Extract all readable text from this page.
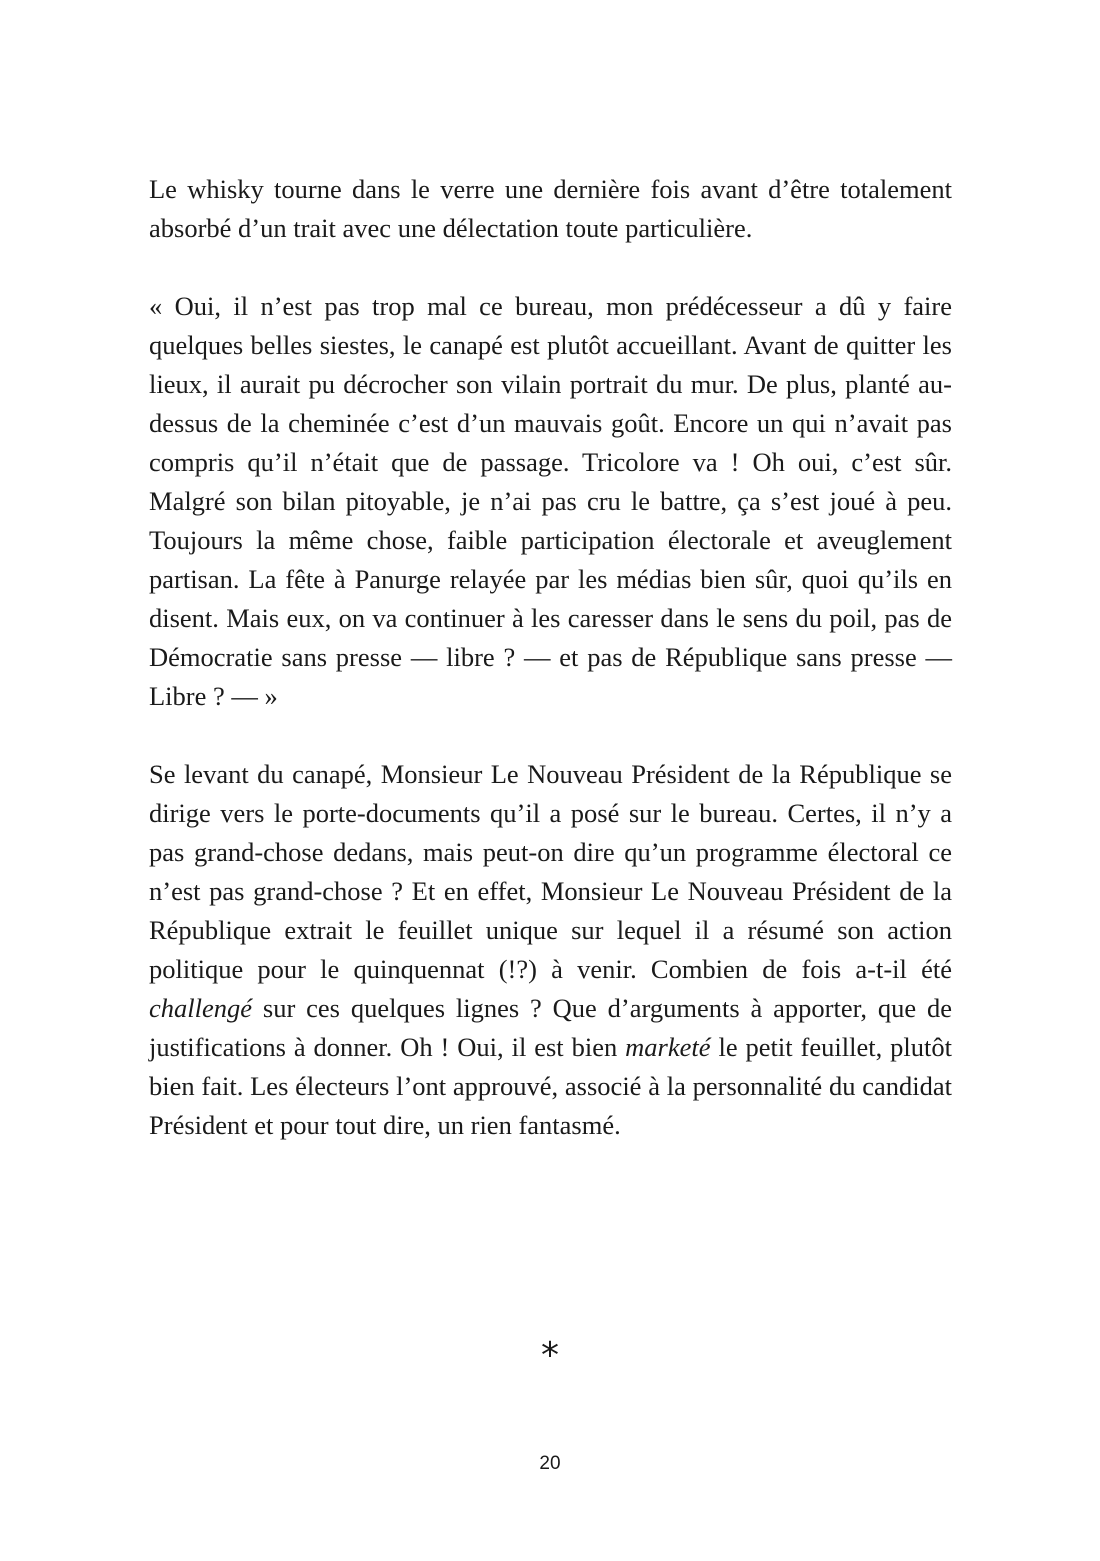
Le whisky tourne dans le verre une dernière fois avant d’être totalement absorbé d’un trait avec une délectation toute particulière.

« Oui, il n’est pas trop mal ce bureau, mon prédécesseur a dû y faire quelques belles siestes, le canapé est plutôt accueillant. Avant de quitter les lieux, il aurait pu décrocher son vilain portrait du mur. De plus, planté au-dessus de la cheminée c’est d’un mauvais goût. Encore un qui n’avait pas compris qu’il n’était que de passage. Tricolore va ! Oh oui, c’est sûr. Malgré son bilan pitoyable, je n’ai pas cru le battre, ça s’est joué à peu. Toujours la même chose, faible participation électorale et aveuglement partisan. La fête à Panurge relayée par les médias bien sûr, quoi qu’ils en disent. Mais eux, on va continuer à les caresser dans le sens du poil, pas de Démocratie sans presse — libre ? — et pas de République sans presse — Libre ? — »

Se levant du canapé, Monsieur Le Nouveau Président de la République se dirige vers le porte-documents qu’il a posé sur le bureau. Certes, il n’y a pas grand-chose dedans, mais peut-on dire qu’un programme électoral ce n’est pas grand-chose ? Et en effet, Monsieur Le Nouveau Président de la République extrait le feuillet unique sur lequel il a résumé son action politique pour le quinquennat (!?) à venir. Combien de fois a-t-il été challengé sur ces quelques lignes ? Que d’arguments à apporter, que de justifications à donner. Oh ! Oui, il est bien marketé le petit feuillet, plutôt bien fait. Les électeurs l’ont approuvé, associé à la personnalité du candidat Président et pour tout dire, un rien fantasmé.

*
20
